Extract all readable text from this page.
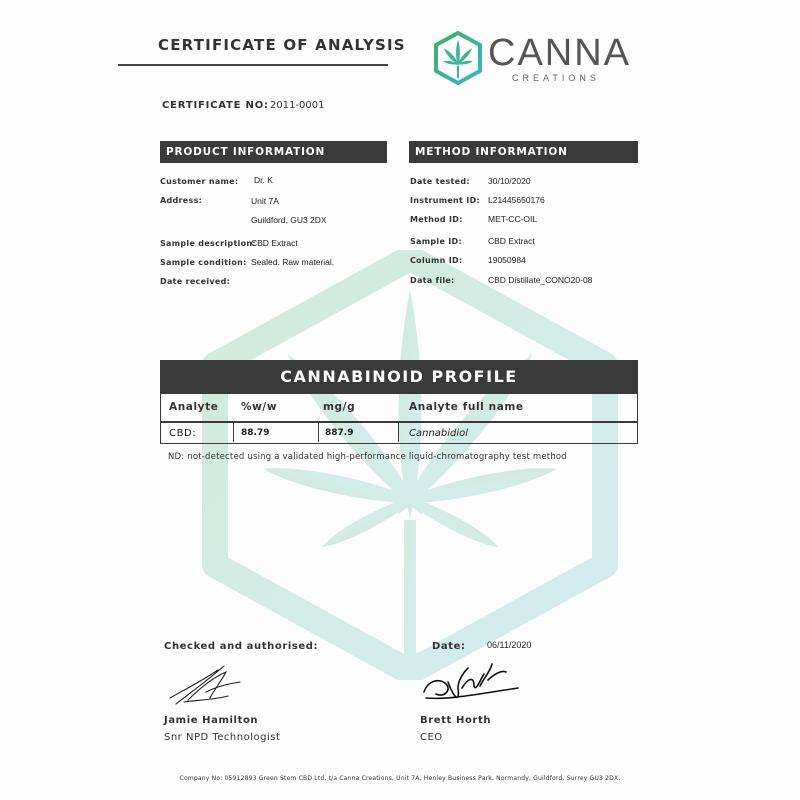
CERTIFICATE OF ANALYSIS CANNA
CREATIONS
CERTIFICATE NO: 2011-0001
PRODUCT INFORMATION
Customer name: Dr. K
Address:	Unit 7A
Guildford, GU3 2DX
Sample description:
CBD Extract
Sample condition: Sealed. Raw material.
Date received:
METHOD INFORMATION
Date tested: 30/10/2020
Instrument ID: L21445650176
Method ID:	MET-CC-OIL
Sample ID:	CBD Extract
Column ID:	19050984
Data file:	CBD Distillate_CONO20-08
CANNABINOID PROFILE
Analyte %w/w	mg/g	Analyte full name
CBD:	88.79	887.9	Cannabidiol
ND: not-detected using a validated high-performance liquid-chromatography test method
Checked and authorised:	Date: 06/11/2020
Jamie Hamilton
Snr NPD Technologist
Brett Horth
CEO
Company No: 05912893 Green Stem CBD Ltd, t/a Canna Creations, Unit 7A, Henley Business Park, Normandy, Guildford, Surrey GU3 2DX.
